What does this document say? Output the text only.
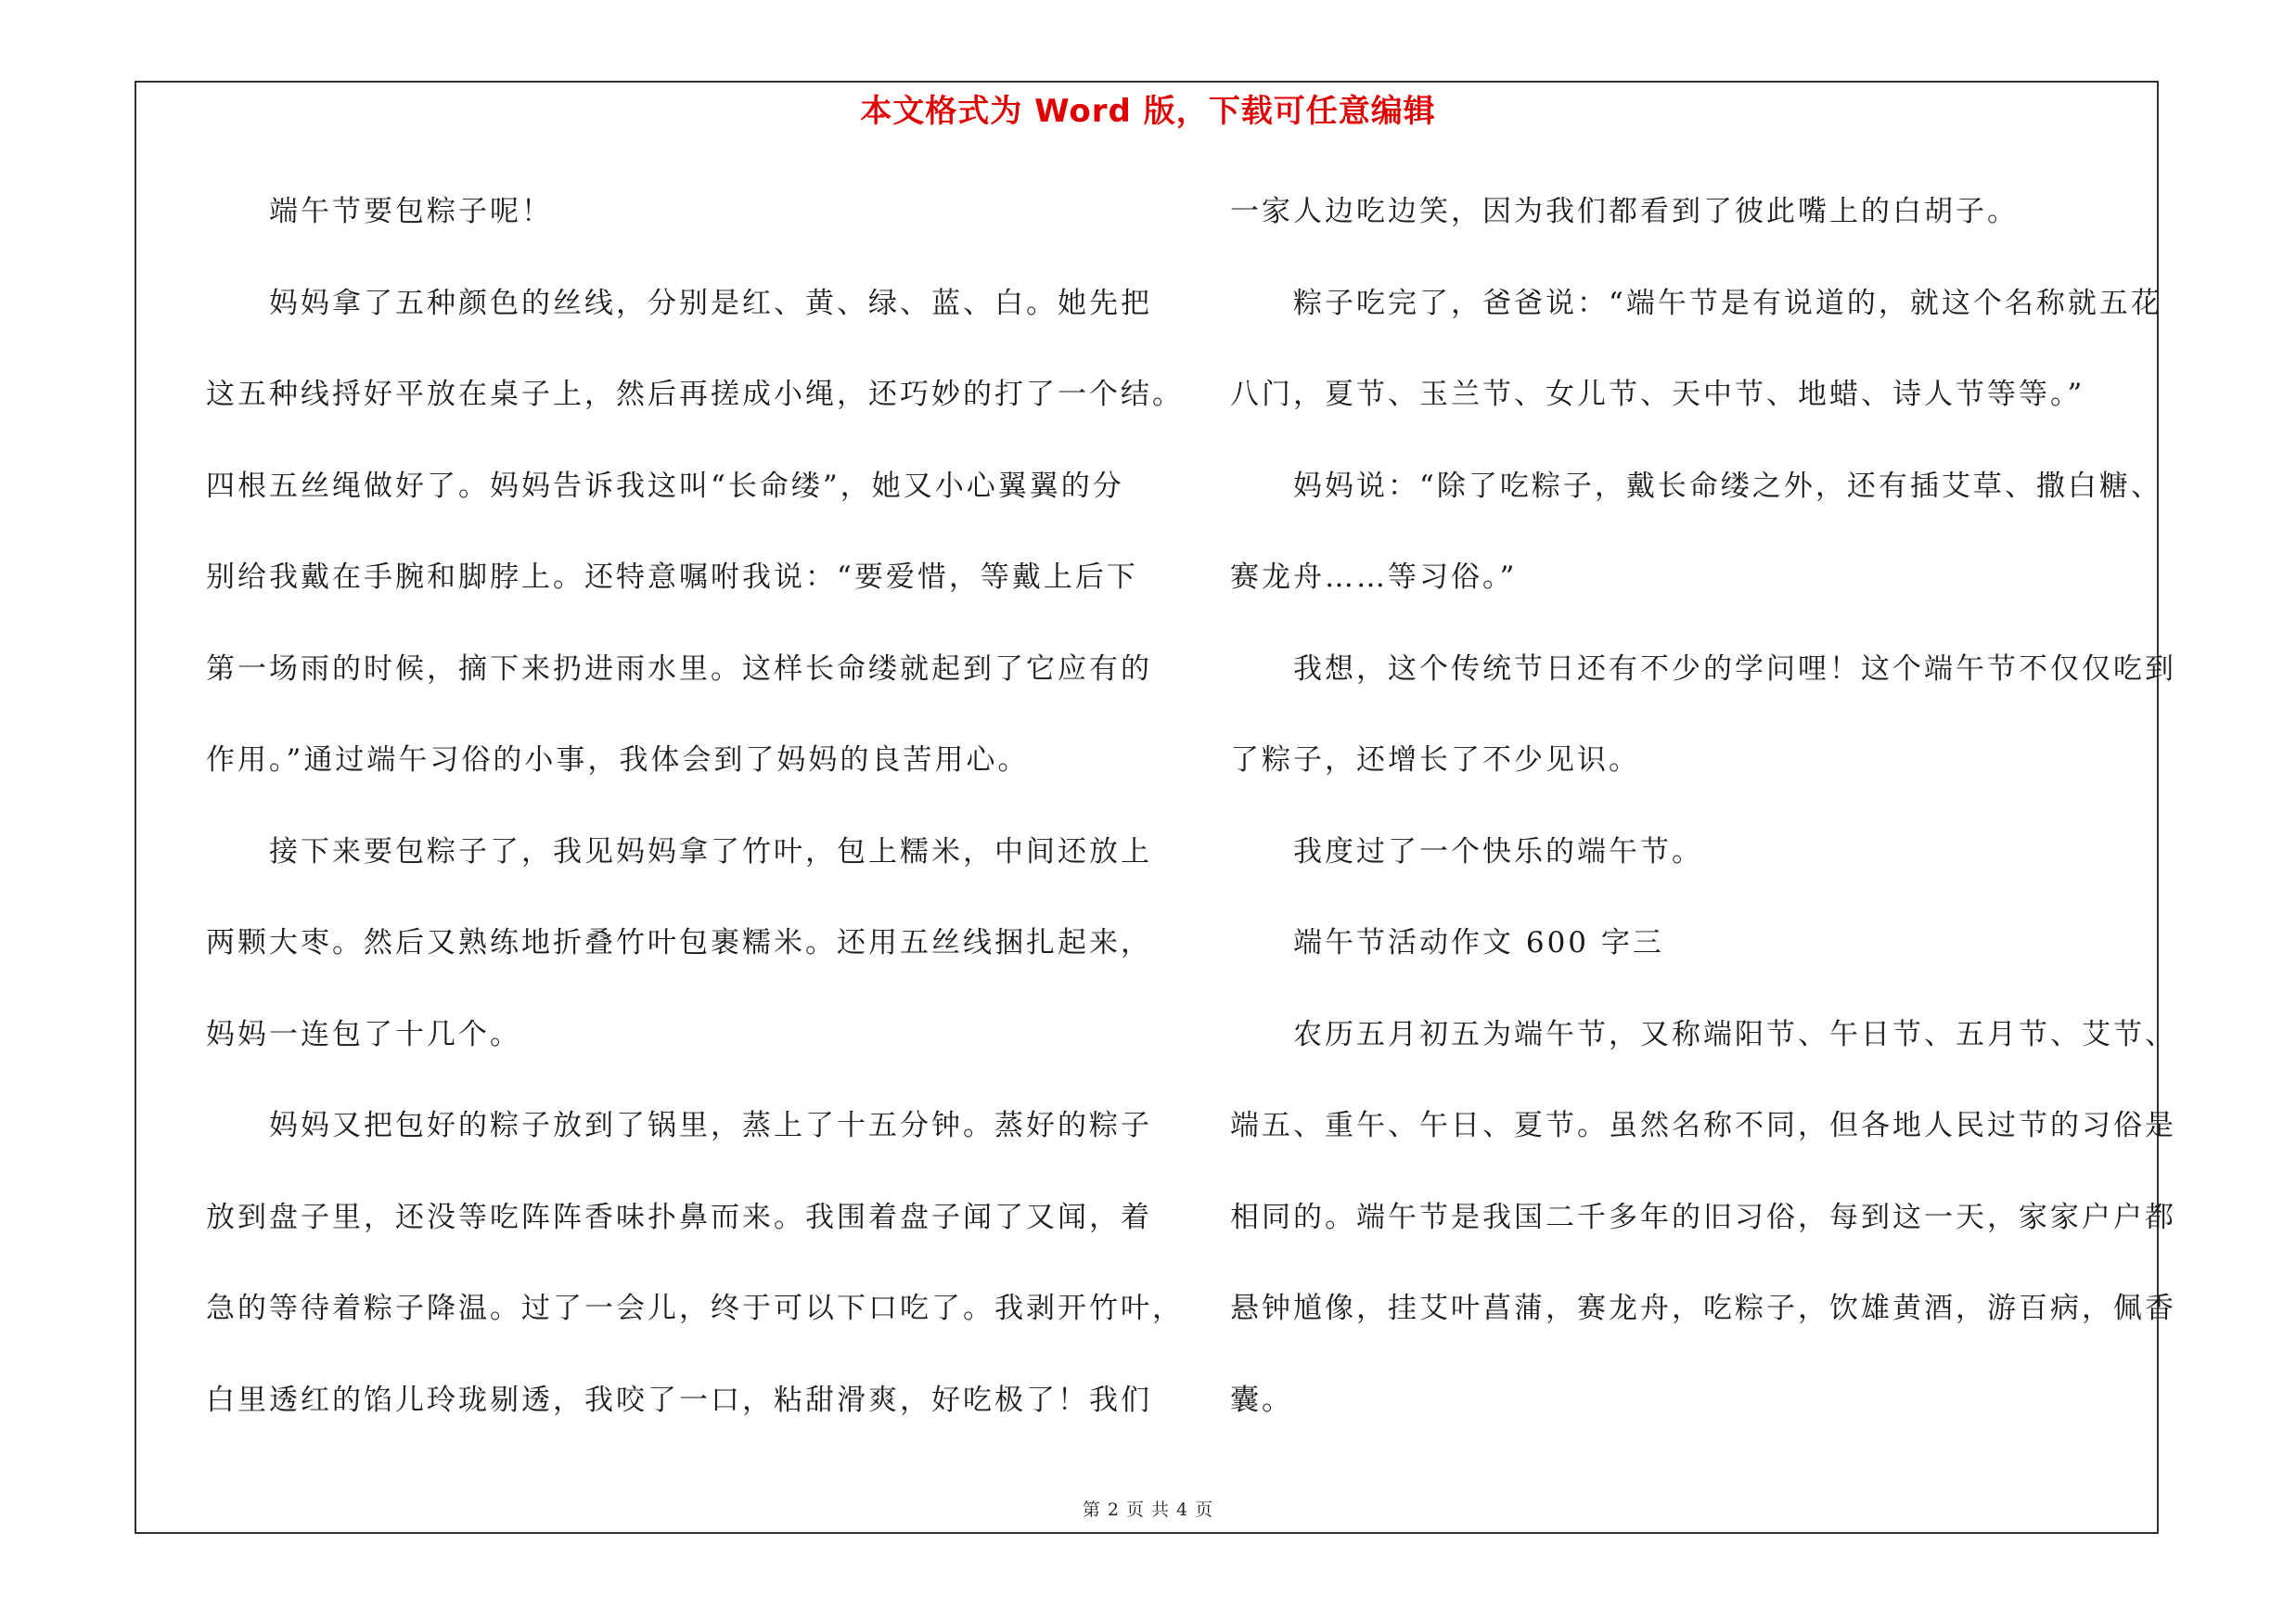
本文格式为 Word 版，下载可任意编辑
端午节要包粽子呢！
妈妈拿了五种颜色的丝线，分别是红、黄、绿、蓝、白。她先把
这五种线捋好平放在桌子上，然后再搓成小绳，还巧妙的打了一个结。
四根五丝绳做好了。妈妈告诉我这叫“长命缕”，她又小心翼翼的分
别给我戴在手腕和脚脖上。还特意嘱咐我说：“要爱惜，等戴上后下
第一场雨的时候，摘下来扔进雨水里。这样长命缕就起到了它应有的
作用。”通过端午习俗的小事，我体会到了妈妈的良苦用心。
接下来要包粽子了，我见妈妈拿了竹叶，包上糯米，中间还放上
两颗大枣。然后又熟练地折叠竹叶包裹糯米。还用五丝线捆扎起来，
妈妈一连包了十几个。
妈妈又把包好的粽子放到了锅里，蒸上了十五分钟。蒸好的粽子
放到盘子里，还没等吃阵阵香味扑鼻而来。我围着盘子闻了又闻，着
急的等待着粽子降温。过了一会儿，终于可以下口吃了。我剥开竹叶，
白里透红的馅儿玲珑剔透，我咬了一口，粘甜滑爽，好吃极了！我们
一家人边吃边笑，因为我们都看到了彼此嘴上的白胡子。
粽子吃完了，爸爸说：“端午节是有说道的，就这个名称就五花
八门，夏节、玉兰节、女儿节、天中节、地蜡、诗人节等等。”
妈妈说：“除了吃粽子，戴长命缕之外，还有插艾草、撒白糖、
赛龙舟……等习俗。”
我想，这个传统节日还有不少的学问哩！这个端午节不仅仅吃到
了粽子，还增长了不少见识。
我度过了一个快乐的端午节。
端午节活动作文 600 字三
农历五月初五为端午节，又称端阳节、午日节、五月节、艾节、
端五、重午、午日、夏节。虽然名称不同，但各地人民过节的习俗是
相同的。端午节是我国二千多年的旧习俗，每到这一天，家家户户都
悬钟馗像，挂艾叶菖蒲，赛龙舟，吃粽子，饮雄黄酒，游百病，佩香
囊。
第 2 页 共 4 页
